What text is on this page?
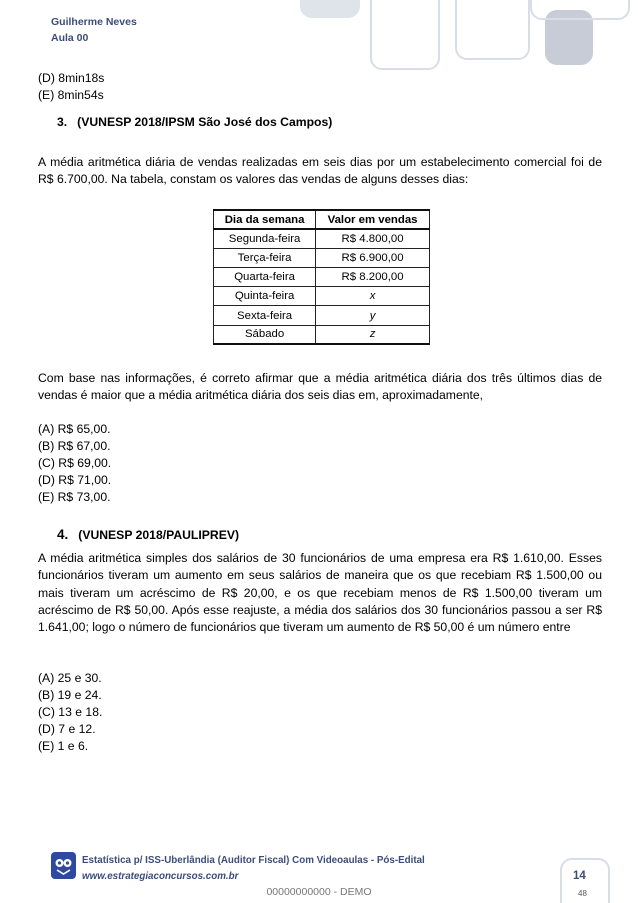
Guilherme Neves
Aula 00
(D) 8min18s
(E) 8min54s
3. (VUNESP 2018/IPSM São José dos Campos)
A média aritmética diária de vendas realizadas em seis dias por um estabelecimento comercial foi de R$ 6.700,00. Na tabela, constam os valores das vendas de alguns desses dias:
Dia da semana	Valor em vendas
Segunda-feira	R$ 4.800,00
Terça-feira	R$ 6.900,00
Quarta-feira	R$ 8.200,00
Quinta-feira	x
Sexta-feira	y
Sábado	z
Com base nas informações, é correto afirmar que a média aritmética diária dos três últimos dias de vendas é maior que a média aritmética diária dos seis dias em, aproximadamente,
(A) R$ 65,00.
(B) R$ 67,00.
(C) R$ 69,00.
(D) R$ 71,00.
(E) R$ 73,00.
4. (VUNESP 2018/PAULIPREV)
A média aritmética simples dos salários de 30 funcionários de uma empresa era R$ 1.610,00. Esses funcionários tiveram um aumento em seus salários de maneira que os que recebiam R$ 1.500,00 ou mais tiveram um acréscimo de R$ 20,00, e os que recebiam menos de R$ 1.500,00 tiveram um acréscimo de R$ 50,00. Após esse reajuste, a média dos salários dos 30 funcionários passou a ser R$ 1.641,00; logo o número de funcionários que tiveram um aumento de R$ 50,00 é um número entre
(A) 25 e 30.
(B) 19 e 24.
(C) 13 e 18.
(D) 7 e 12.
(E) 1 e 6.
Estatística p/ ISS-Uberlândia (Auditor Fiscal) Com Videoaulas - Pós-Edital
www.estrategiaconcursos.com.br	14
48
00000000000 - DEMO
